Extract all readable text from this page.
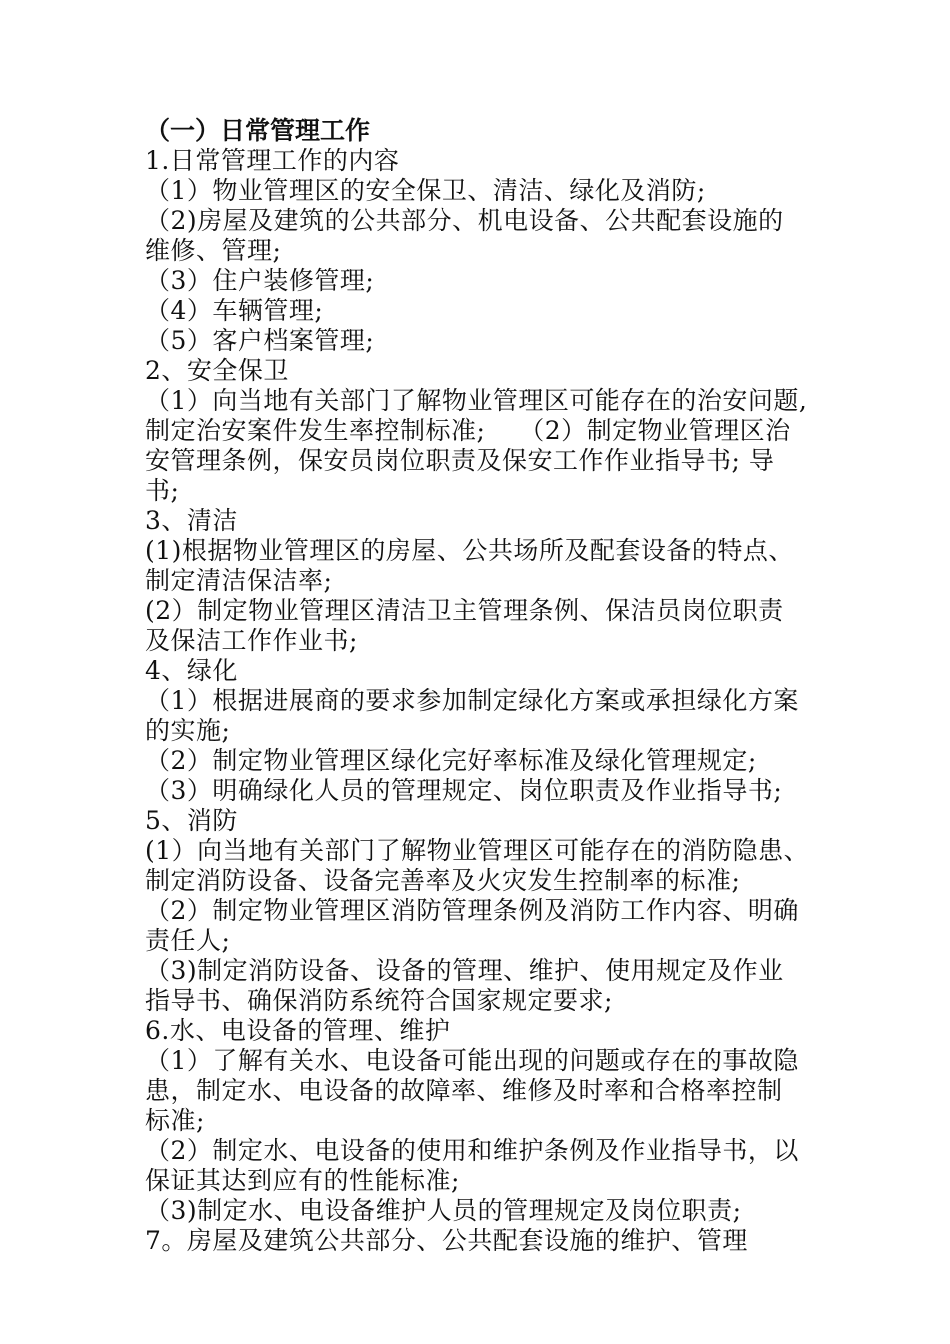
（一）日常管理工作
1.日常管理工作的内容
（1）物业管理区的安全保卫、清洁、绿化及消防;
（2)房屋及建筑的公共部分、机电设备、公共配套设施的
维修、管理;
（3）住户装修管理;
（4）车辆管理;
（5）客户档案管理;
2、安全保卫
（1）向当地有关部门了解物业管理区可能存在的治安问题,
制定治安案件发生率控制标准;    （2）制定物业管理区治
安管理条例，保安员岗位职责及保安工作作业指导书; 导
书;
3、清洁
(1)根据物业管理区的房屋、公共场所及配套设备的特点、
制定清洁保洁率;
(2）制定物业管理区清洁卫主管理条例、保洁员岗位职责
及保洁工作作业书;
4、绿化
（1）根据进展商的要求参加制定绿化方案或承担绿化方案
的实施;
（2）制定物业管理区绿化完好率标准及绿化管理规定;
（3）明确绿化人员的管理规定、岗位职责及作业指导书;
5、消防
(1）向当地有关部门了解物业管理区可能存在的消防隐患、
制定消防设备、设备完善率及火灾发生控制率的标准;
（2）制定物业管理区消防管理条例及消防工作内容、明确
责任人;
（3)制定消防设备、设备的管理、维护、使用规定及作业
指导书、确保消防系统符合国家规定要求;
6.水、电设备的管理、维护
（1）了解有关水、电设备可能出现的问题或存在的事故隐
患，制定水、电设备的故障率、维修及时率和合格率控制
标准;
（2）制定水、电设备的使用和维护条例及作业指导书，以
保证其达到应有的性能标准;
（3)制定水、电设备维护人员的管理规定及岗位职责;
7。房屋及建筑公共部分、公共配套设施的维护、管理
